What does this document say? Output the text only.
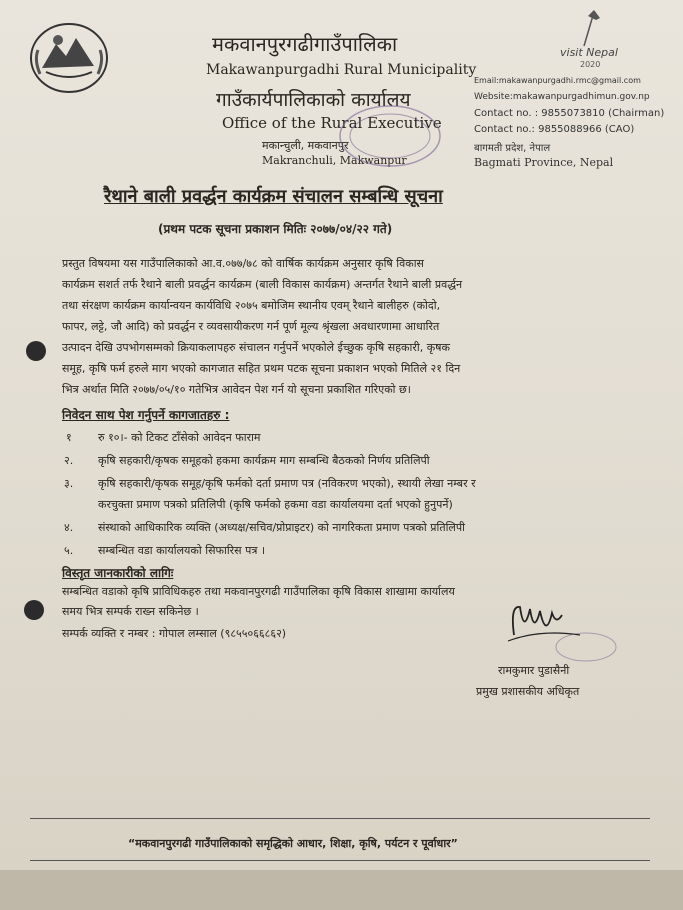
visit Nepal
2020
मकवानपुरगढीगाउँपालिका
Makawanpurgadhi Rural Municipality
गाउँकार्यपालिकाको कार्यालय
Office of the Rural Executive
मकान्चुली, मकवानपुर
Makranchuli, Makwanpur
Email:makawanpurgadhi.rmc@gmail.com
Website:makawanpurgadhimun.gov.np
Contact no. : 9855073810 (Chairman)
Contact no.: 9855088966 (CAO)
बागमती प्रदेश, नेपाल
Bagmati Province, Nepal
रैथाने बाली प्रवर्द्धन कार्यक्रम संचालन सम्बन्धि सूचना
(प्रथम पटक सूचना प्रकाशन मितिः २०७७/०४/२२ गते)
प्रस्तुत विषयमा यस गाउँपालिकाको आ.व.०७७/७८ को वार्षिक कार्यक्रम अनुसार कृषि विकास
कार्यक्रम सशर्त तर्फ रैथाने बाली प्रवर्द्धन कार्यक्रम (बाली विकास कार्यक्रम) अन्तर्गत रैथाने बाली प्रवर्द्धन
तथा संरक्षण कार्यक्रम कार्यान्वयन कार्यविधि २०७५ बमोजिम स्थानीय एवम् रैथाने बालीहरु (कोदो,
फापर, लट्टे, जौ आदि) को प्रवर्द्धन र व्यवसायीकरण गर्न पूर्ण मूल्य श्रृंखला अवधारणामा आधारित
उत्पादन देखि उपभोगसम्मको क्रियाकलापहरु संचालन गर्नुपर्ने भएकोले ईच्छुक कृषि सहकारी, कृषक
समूह, कृषि फर्म हरुले माग भएको कागजात सहित प्रथम पटक सूचना प्रकाशन भएको मितिले २१ दिन
भित्र अर्थात मिति २०७७/०५/१० गतेभित्र आवेदन पेश गर्न यो सूचना प्रकाशित गरिएको छ।
निवेदन साथ पेश गर्नुपर्ने कागजातहरु :
१ रु १०।- को टिकट टाँसेको आवेदन फाराम
२. कृषि सहकारी/कृषक समूहको हकमा कार्यक्रम माग सम्बन्धि बैठकको निर्णय प्रतिलिपी
३. कृषि सहकारी/कृषक समूह/कृषि फर्मको दर्ता प्रमाण पत्र (नविकरण भएको), स्थायी लेखा नम्बर र
करचुक्ता प्रमाण पत्रको प्रतिलिपी (कृषि फर्मको हकमा वडा कार्यालयमा दर्ता भएको हुनुपर्ने)
४. संस्थाको आधिकारिक व्यक्ति (अध्यक्ष/सचिव/प्रोप्राइटर) को नागरिकता प्रमाण पत्रको प्रतिलिपी
५. सम्बन्धित वडा कार्यालयको सिफारिस पत्र ।
विस्तृत जानकारीको लागिः
सम्बन्धित वडाको कृषि प्राविधिकहरु तथा मकवानपुरगढी गाउँपालिका कृषि विकास शाखामा कार्यालय
समय भित्र सम्पर्क राख्न सकिनेछ ।
सम्पर्क व्यक्ति र नम्बर : गोपाल लम्साल (९८५५०६६८६२)
रामकुमार पुडासैनी
प्रमुख प्रशासकीय अधिकृत
“मकवानपुरगढी गाउँपालिकाको समृद्धिको आधार, शिक्षा, कृषि, पर्यटन र पूर्वाधार”
